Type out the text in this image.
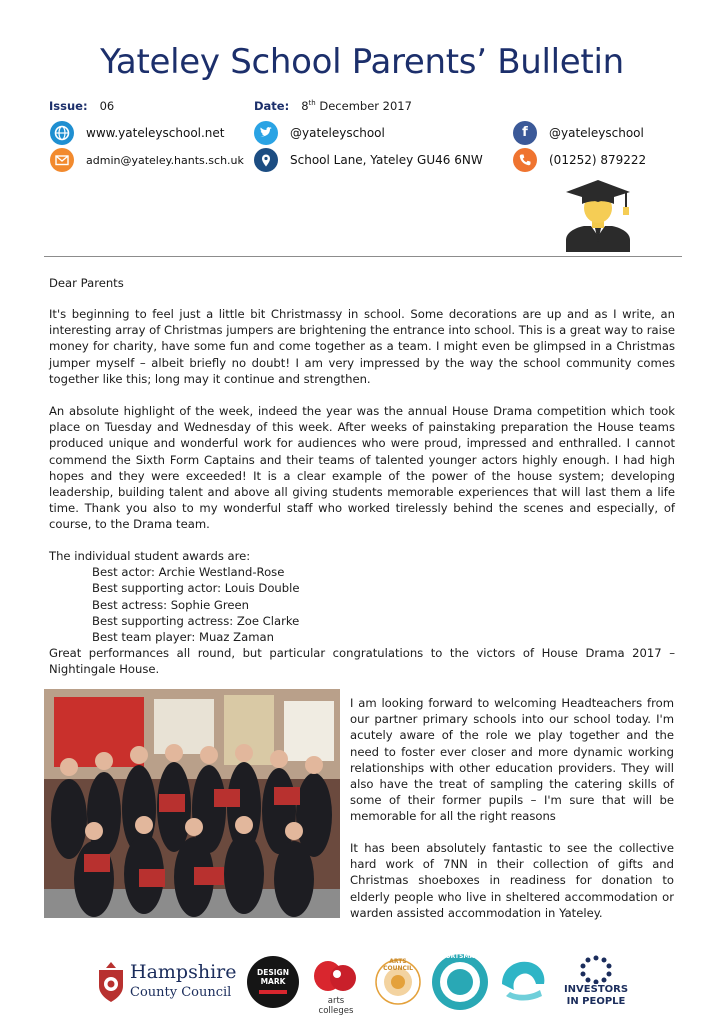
Yateley School Parents’ Bulletin
Issue: 06	Date: 8th December 2017
www.yateleyschool.net	@yateleyschool	f	@yateleyschool
admin@yateley.hants.sch.uk	School Lane, Yateley GU46 6NW	(01252) 879222
Dear Parents

It's beginning to feel just a little bit Christmassy in school. Some decorations are up and as I write, an interesting array of Christmas jumpers are brightening the entrance into school. This is a great way to raise money for charity, have some fun and come together as a team. I might even be glimpsed in a Christmas jumper myself – albeit briefly no doubt! I am very impressed by the way the school community comes together like this; long may it continue and strengthen.

An absolute highlight of the week, indeed the year was the annual House Drama competition which took place on Tuesday and Wednesday of this week. After weeks of painstaking preparation the House teams produced unique and wonderful work for audiences who were proud, impressed and enthralled. I cannot commend the Sixth Form Captains and their teams of talented younger actors highly enough. I had high hopes and they were exceeded! It is a clear example of the power of the house system; developing leadership, building talent and above all giving students memorable experiences that will last them a life time. Thank you also to my wonderful staff who worked tirelessly behind the scenes and especially, of course, to the Drama team.

The individual student awards are:
Best actor: Archie Westland-Rose
Best supporting actor: Louis Double
Best actress: Sophie Green
Best supporting actress: Zoe Clarke
Best team player: Muaz Zaman

Great performances all round, but particular congratulations to the victors of House Drama 2017 – Nightingale House.

I am looking forward to welcoming Headteachers from our partner primary schools into our school today. I'm acutely aware of the role we play together and the need to foster ever closer and more dynamic working relationships with other education providers. They will also have the treat of sampling the catering skills of some of their former pupils – I'm sure that will be memorable for all the right reasons

It has been absolutely fantastic to see the collective hard work of 7NN in their collection of gifts and Christmas shoeboxes in readiness for donation to elderly people who live in sheltered accommodation or warden assisted accommodation in Yateley.

Hampshire
County Council
DESIGN MARK
arts colleges
ARTS COUNCIL
SPORTSMARK
INVESTORS
IN PEOPLE
